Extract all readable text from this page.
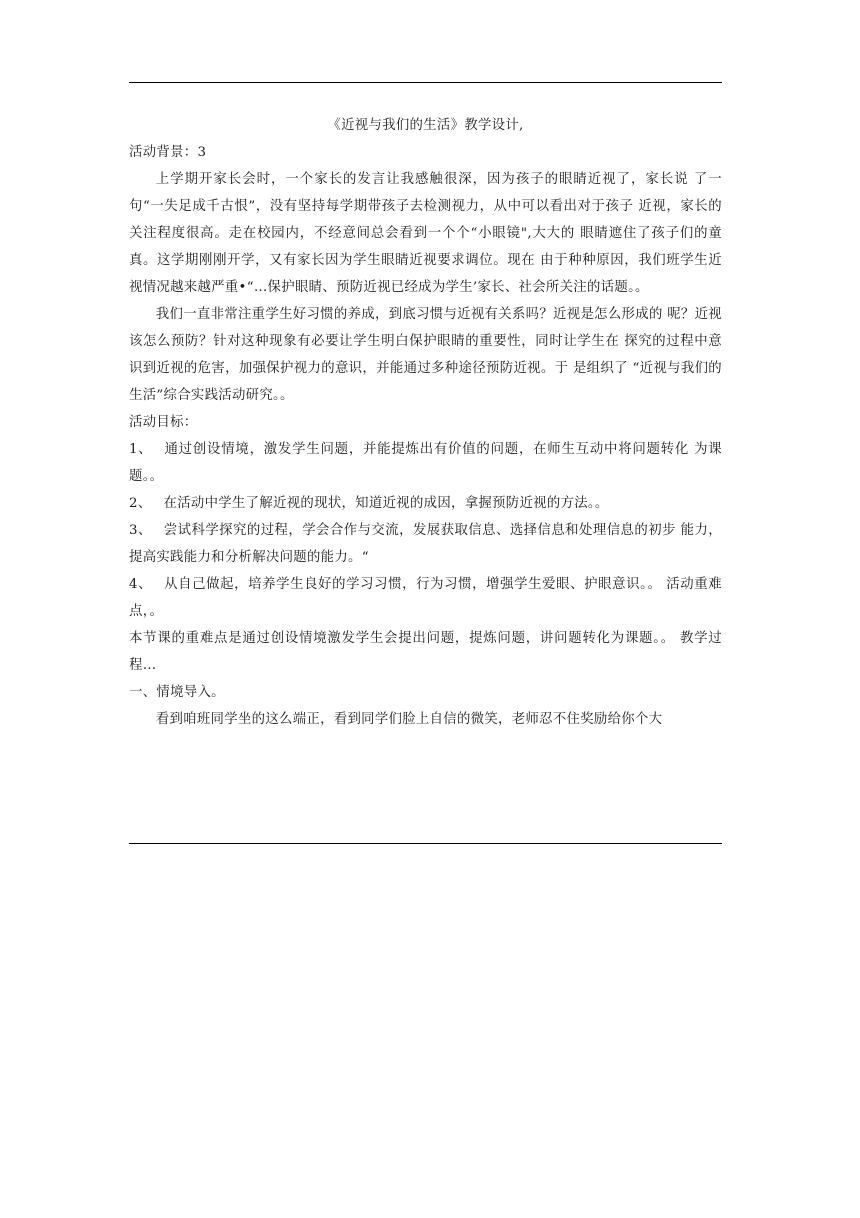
《近视与我们的生活》教学设计,

活动背景：3

上学期开家长会时，一个家长的发言让我感触很深，因为孩子的眼睛近视了，家长说 了一句“一失足成千古恨”，没有坚持每学期带孩子去检测视力，从中可以看出对于孩子 近视，家长的关注程度很高。走在校园内，不经意间总会看到一个个“小眼镜",大大的 眼睛遮住了孩子们的童真。这学期刚刚开学，又有家长因为学生眼睛近视要求调位。现在 由于种种原因，我们班学生近视情况越来越严重•“…保护眼睛、预防近视已经成为学生’家长、社会所关注的话题。。

我们一直非常注重学生好习惯的养成，到底习惯与近视有关系吗？近视是怎么形成的 呢？近视该怎么预防？针对这种现象有必要让学生明白保护眼睛的重要性，同时让学生在 探究的过程中意识到近视的危害，加强保护视力的意识，并能通过多种途径预防近视。于 是组织了 “近视与我们的生活”综合实践活动研究。。

活动目标：

1、 通过创设情境，激发学生问题，并能提炼出有价值的问题，在师生互动中将问题转化 为课题。。

2、 在活动中学生了解近视的现状，知道近视的成因，拿握预防近视的方法。。

3、 尝试科学探究的过程，学会合作与交流，发展获取信息、选择信息和处理信息的初步 能力，提高实践能力和分析解决问题的能力。“

4、 从自己做起，培养学生良好的学习习惯，行为习惯，增强学生爱眼、护眼意识。。 活动重难点，。

本节课的重难点是通过创设情境激发学生会提出问题，提炼问题，讲问题转化为课题。。 教学过程…

一、情境导入。

看到咱班同学坐的这么端正，看到同学们脸上自信的微笑，老师忍不住奖励给你个大
